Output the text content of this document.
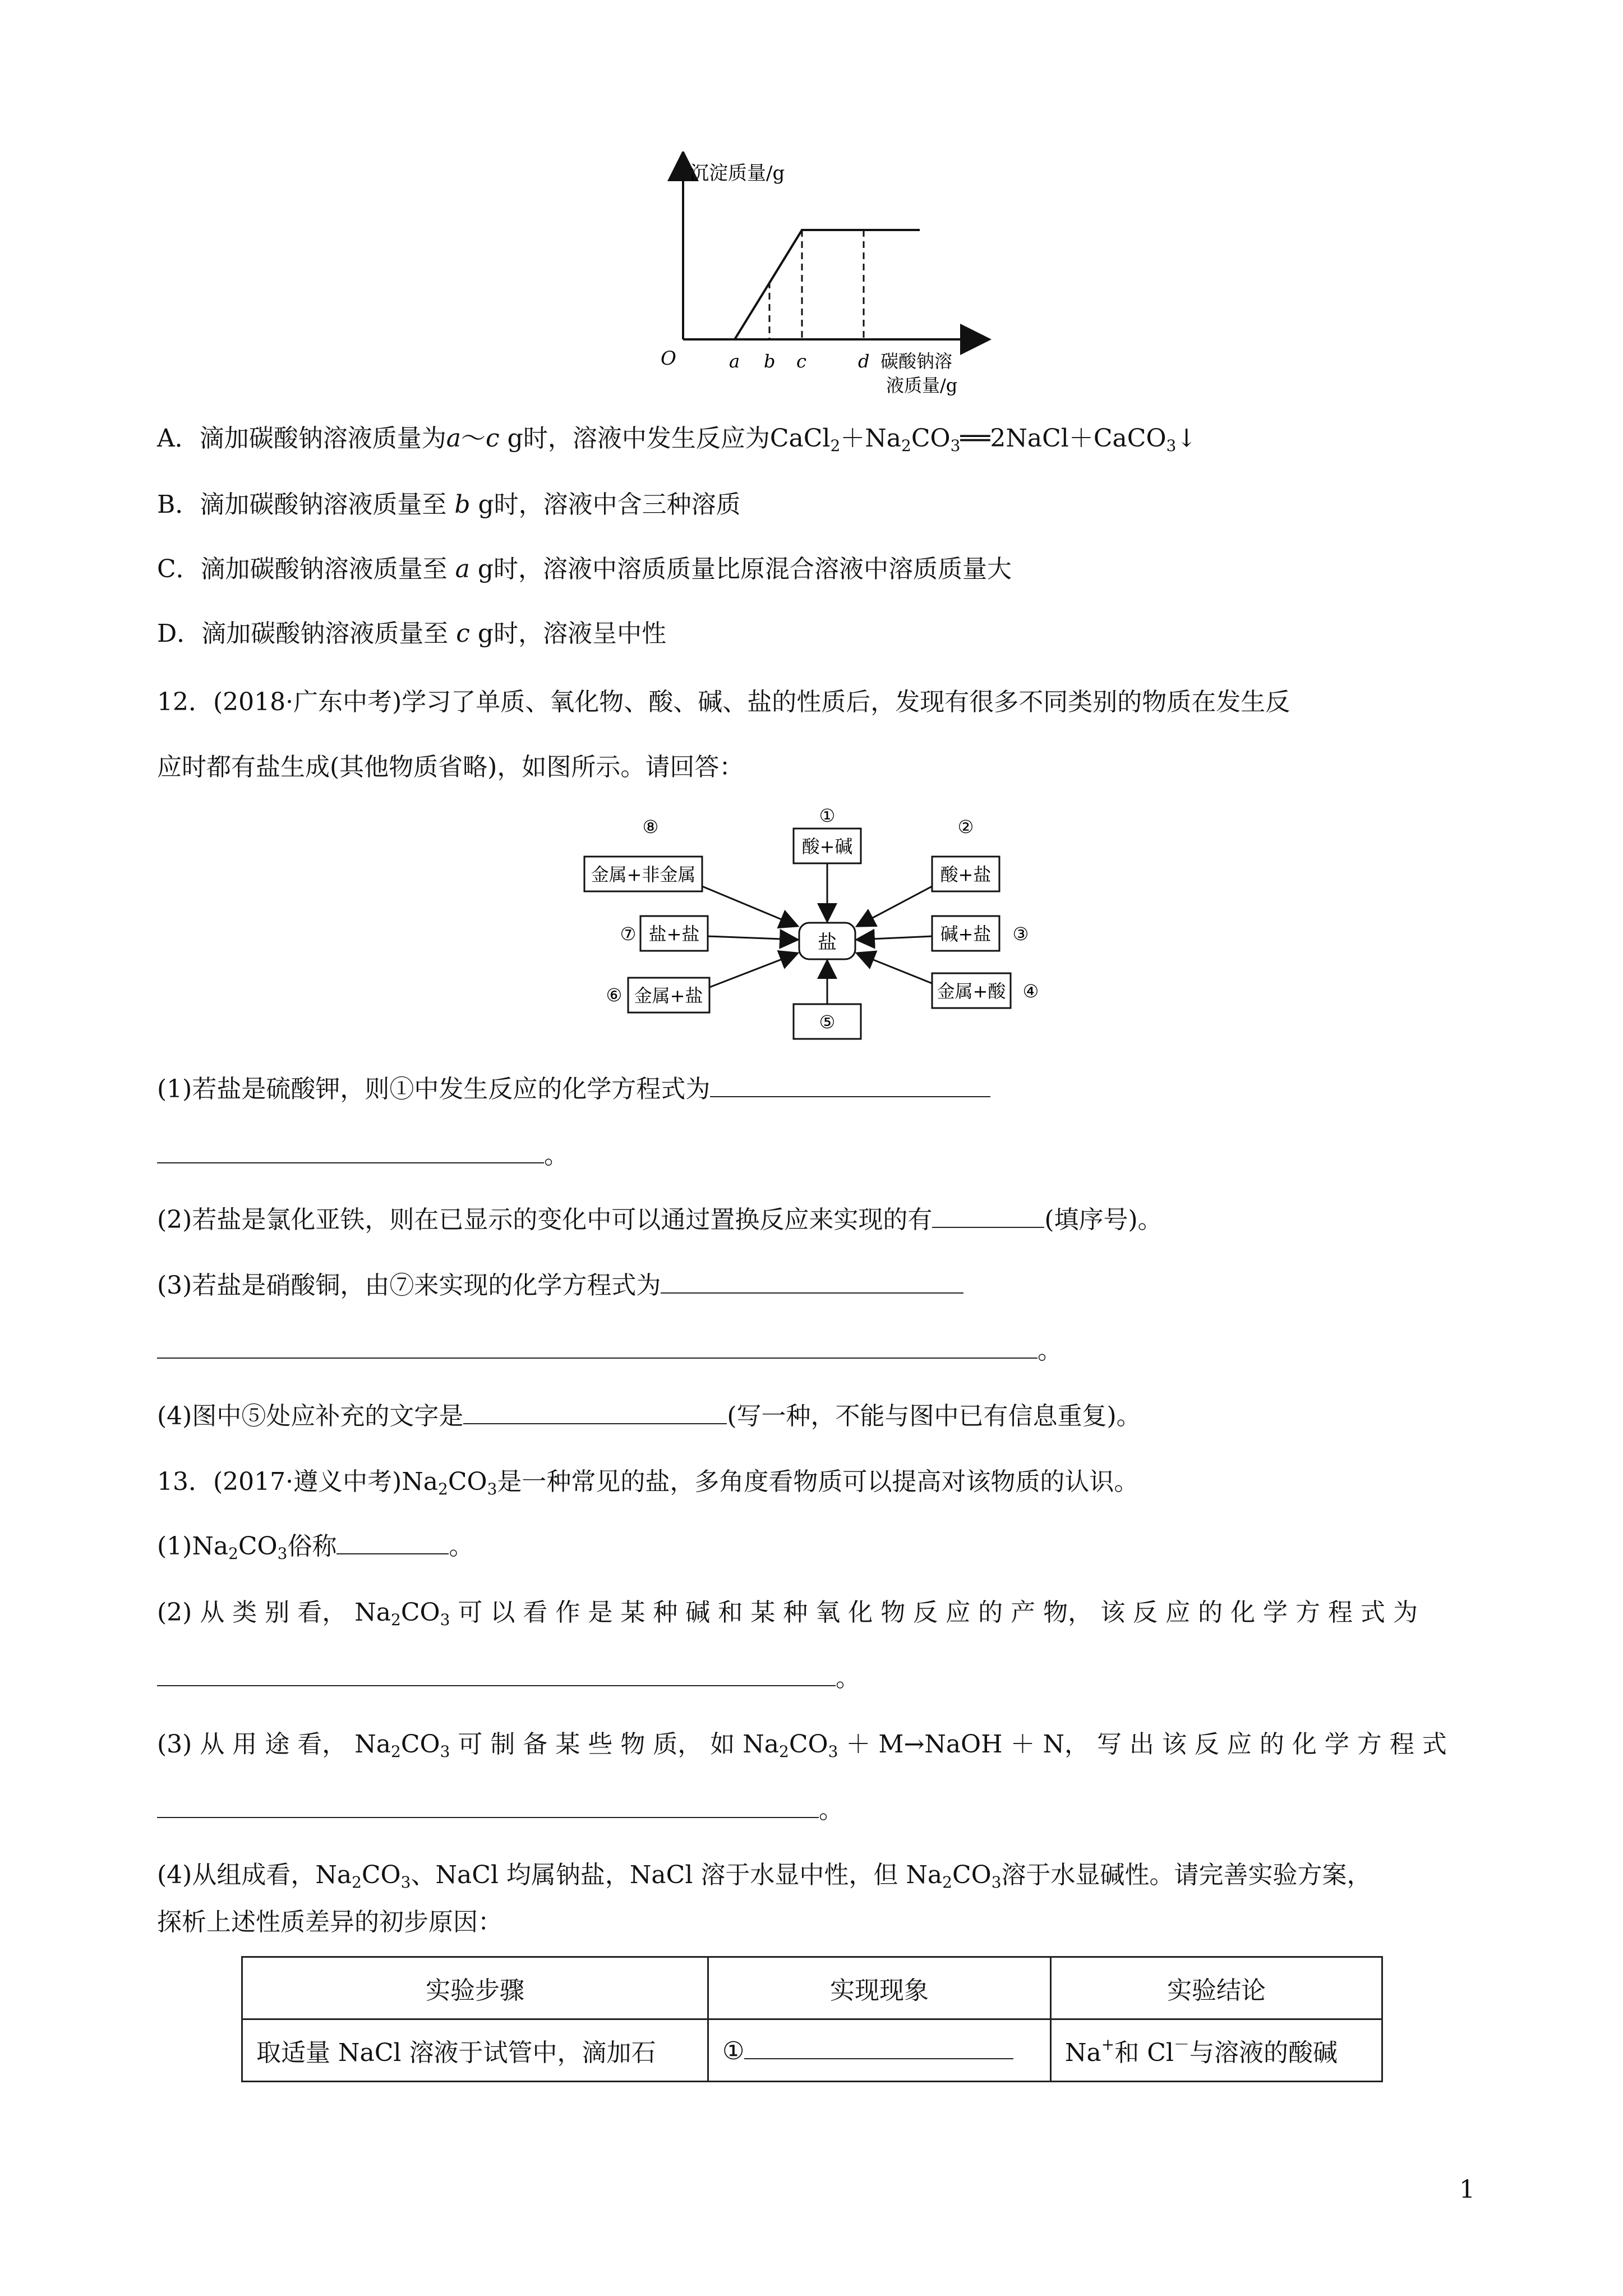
沉淀质量/g
O	a b c	d 碳酸钠溶
液质量/g
A．滴加碳酸钠溶液质量为a～c g时，溶液中发生反应为$CaCl_2+Na_2CO_3══2NaCl+CaCO_3↓$
B．滴加碳酸钠溶液质量至 b g时，溶液中含三种溶质
C．滴加碳酸钠溶液质量至 a g时，溶液中溶质质量比原混合溶液中溶质质量大
D．滴加碳酸钠溶液质量至 c g时，溶液呈中性
12．(2018·广东中考)学习了单质、氧化物、酸、碱、盐的性质后，发现有很多不同类别的物质在发生反
应时都有盐生成(其他物质省略)，如图所示。请回答：
盐
①
酸+碱
②
酸+盐
碱+盐 ③
金属+酸 ④
⑤
⑥ 金属+盐
⑦ 盐+盐
⑧
金属+非金属
(1)若盐是硫酸钾，则①中发生反应的化学方程式为
。
(2)若盐是氯化亚铁，则在已显示的变化中可以通过置换反应来实现的有	(填序号)。
(3)若盐是硝酸铜，由⑦来实现的化学方程式为
。
(4)图中⑤处应补充的文字是	(写一种，不能与图中已有信息重复)。
13．(2017·遵义中考)$Na_2CO_3$是一种常见的盐，多角度看物质可以提高对该物质的认识。
$(1)Na_2CO_3$俗称	。
(2) 从 类 别 看， $Na_2CO_3$ 可 以 看 作 是 某 种 碱 和 某 种 氧 化 物 反 应 的 产 物， 该 反 应 的 化 学 方 程 式 为
。
(3) 从 用 途 看， $Na_2CO_3$ 可 制 备 某 些 物 质， 如 $Na_2CO_3$ ＋ M→NaOH ＋ N， 写 出 该 反 应 的 化 学 方 程 式
。
(4)从组成看，$Na_2CO_3$、NaCl 均属钠盐，NaCl 溶于水显中性，但 $Na_2CO_3$溶于水显碱性。请完善实验方案，
探析上述性质差异的初步原因：
实验步骤	实现现象	实验结论
取适量 NaCl 溶液于试管中，滴加石	①	Na+和 Cl－与溶液的酸碱
1
